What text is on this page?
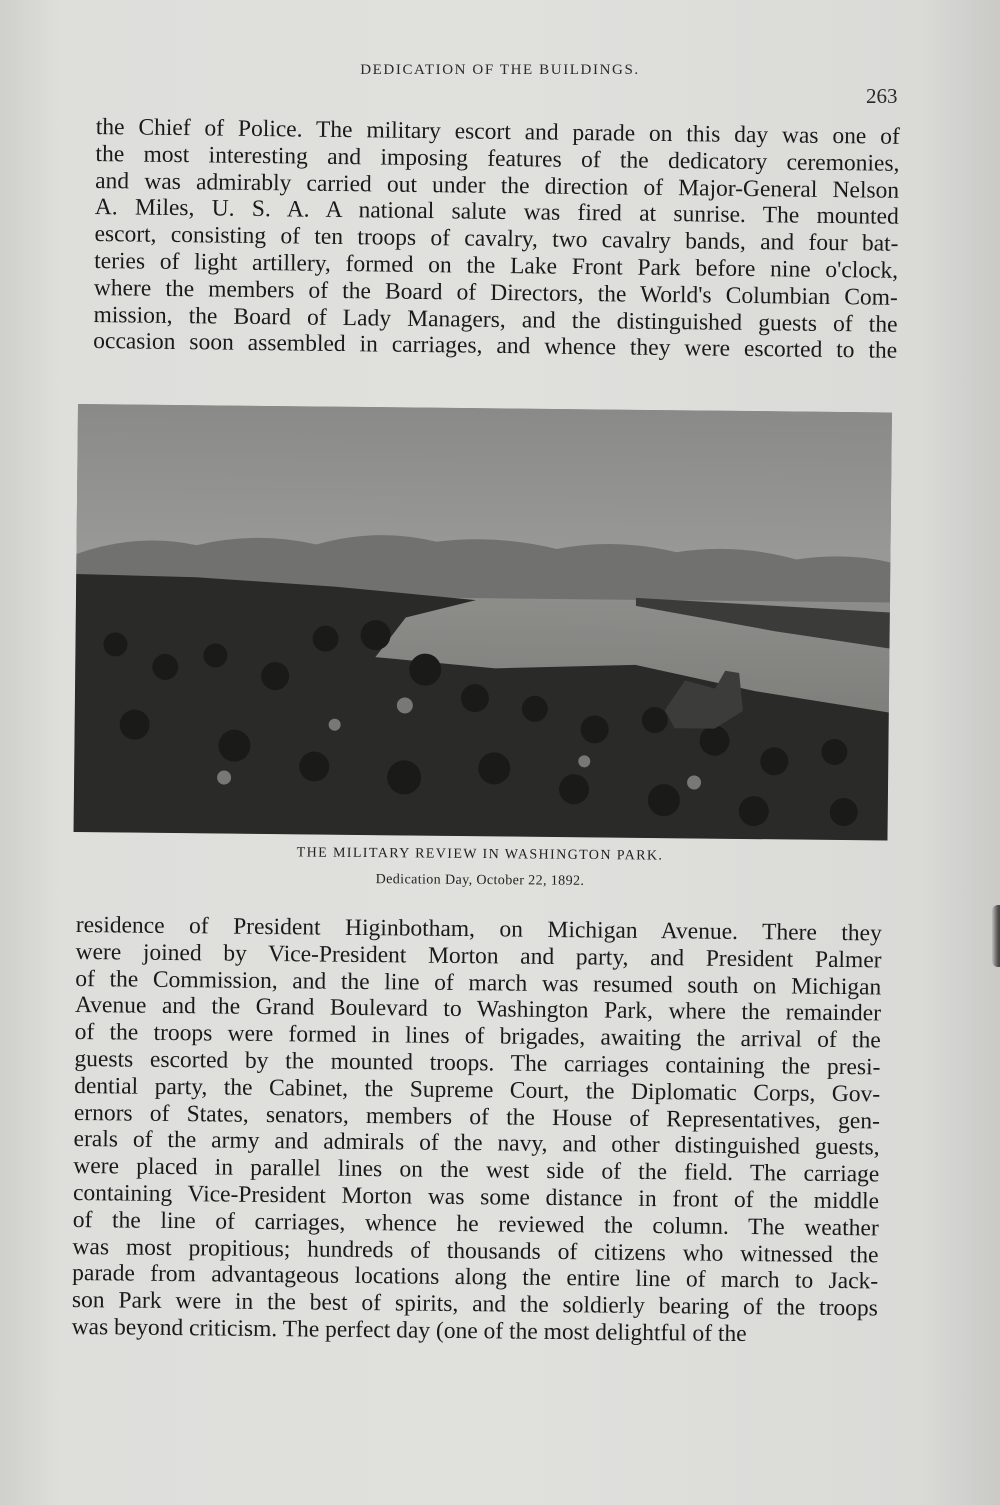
DEDICATION OF THE BUILDINGS.
263
the Chief of Police. The military escort and parade on this day was one of
the most interesting and imposing features of the dedicatory ceremonies,
and was admirably carried out under the direction of Major-General Nelson
A. Miles, U. S. A. A national salute was fired at sunrise. The mounted
escort, consisting of ten troops of cavalry, two cavalry bands, and four bat-
teries of light artillery, formed on the Lake Front Park before nine o'clock,
where the members of the Board of Directors, the World's Columbian Com-
mission, the Board of Lady Managers, and the distinguished guests of the
occasion soon assembled in carriages, and whence they were escorted to the
THE MILITARY REVIEW IN WASHINGTON PARK.
Dedication Day, October 22, 1892.
residence of President Higinbotham, on Michigan Avenue. There they
were joined by Vice-President Morton and party, and President Palmer
of the Commission, and the line of march was resumed south on Michigan
Avenue and the Grand Boulevard to Washington Park, where the remainder
of the troops were formed in lines of brigades, awaiting the arrival of the
guests escorted by the mounted troops. The carriages containing the presi-
dential party, the Cabinet, the Supreme Court, the Diplomatic Corps, Gov-
ernors of States, senators, members of the House of Representatives, gen-
erals of the army and admirals of the navy, and other distinguished guests,
were placed in parallel lines on the west side of the field. The carriage
containing Vice-President Morton was some distance in front of the middle
of the line of carriages, whence he reviewed the column. The weather
was most propitious; hundreds of thousands of citizens who witnessed the
parade from advantageous locations along the entire line of march to Jack-
son Park were in the best of spirits, and the soldierly bearing of the troops
was beyond criticism. The perfect day (one of the most delightful of the
